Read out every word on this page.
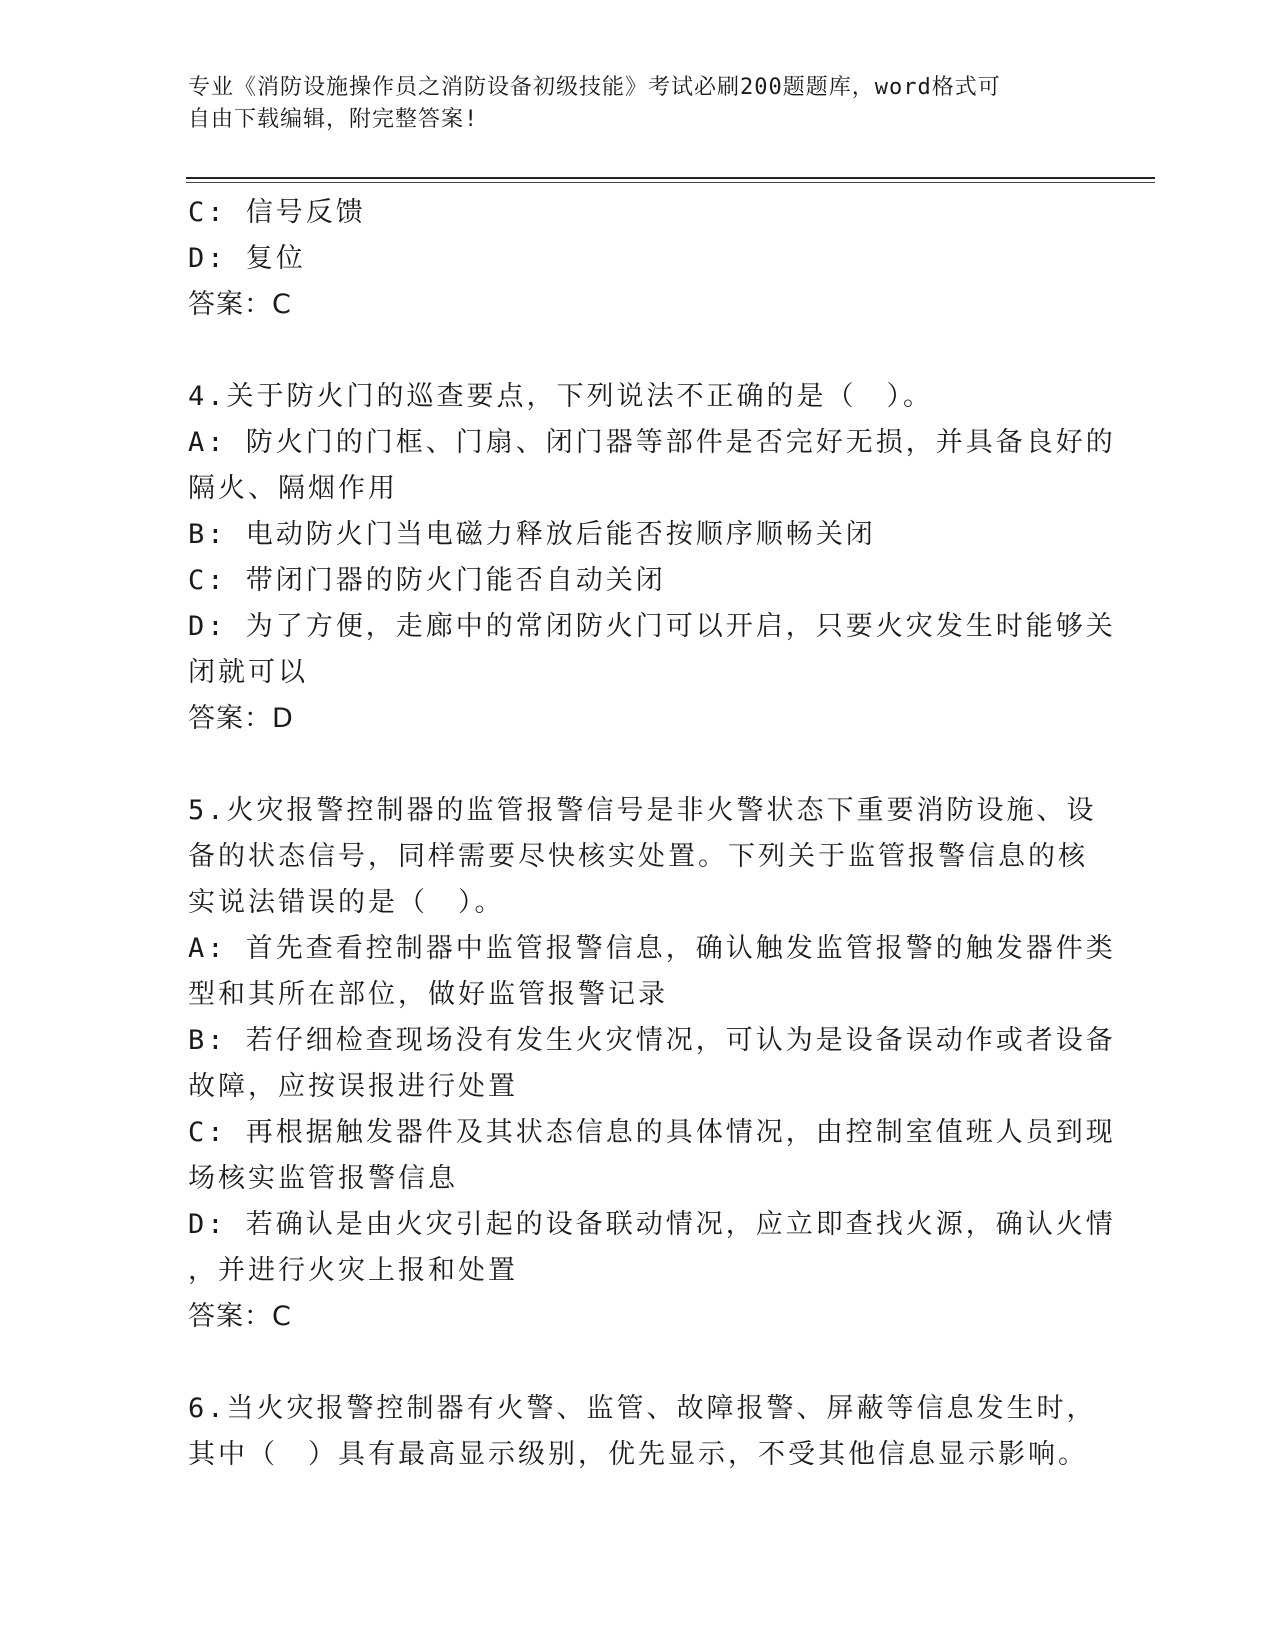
专业《消防设施操作员之消防设备初级技能》考试必刷200题题库，word格式可
自由下载编辑，附完整答案!
C: 信号反馈
D: 复位
答案：C
4.关于防火门的巡查要点，下列说法不正确的是（　）。
A: 防火门的门框、门扇、闭门器等部件是否完好无损，并具备良好的
隔火、隔烟作用
B: 电动防火门当电磁力释放后能否按顺序顺畅关闭
C: 带闭门器的防火门能否自动关闭
D: 为了方便，走廊中的常闭防火门可以开启，只要火灾发生时能够关
闭就可以
答案：D
5.火灾报警控制器的监管报警信号是非火警状态下重要消防设施、设
备的状态信号，同样需要尽快核实处置。下列关于监管报警信息的核
实说法错误的是（　）。
A: 首先查看控制器中监管报警信息，确认触发监管报警的触发器件类
型和其所在部位，做好监管报警记录
B: 若仔细检查现场没有发生火灾情况，可认为是设备误动作或者设备
故障，应按误报进行处置
C: 再根据触发器件及其状态信息的具体情况，由控制室值班人员到现
场核实监管报警信息
D: 若确认是由火灾引起的设备联动情况，应立即查找火源，确认火情
，并进行火灾上报和处置
答案：C
6.当火灾报警控制器有火警、监管、故障报警、屏蔽等信息发生时，
其中（　）具有最高显示级别，优先显示，不受其他信息显示影响。
